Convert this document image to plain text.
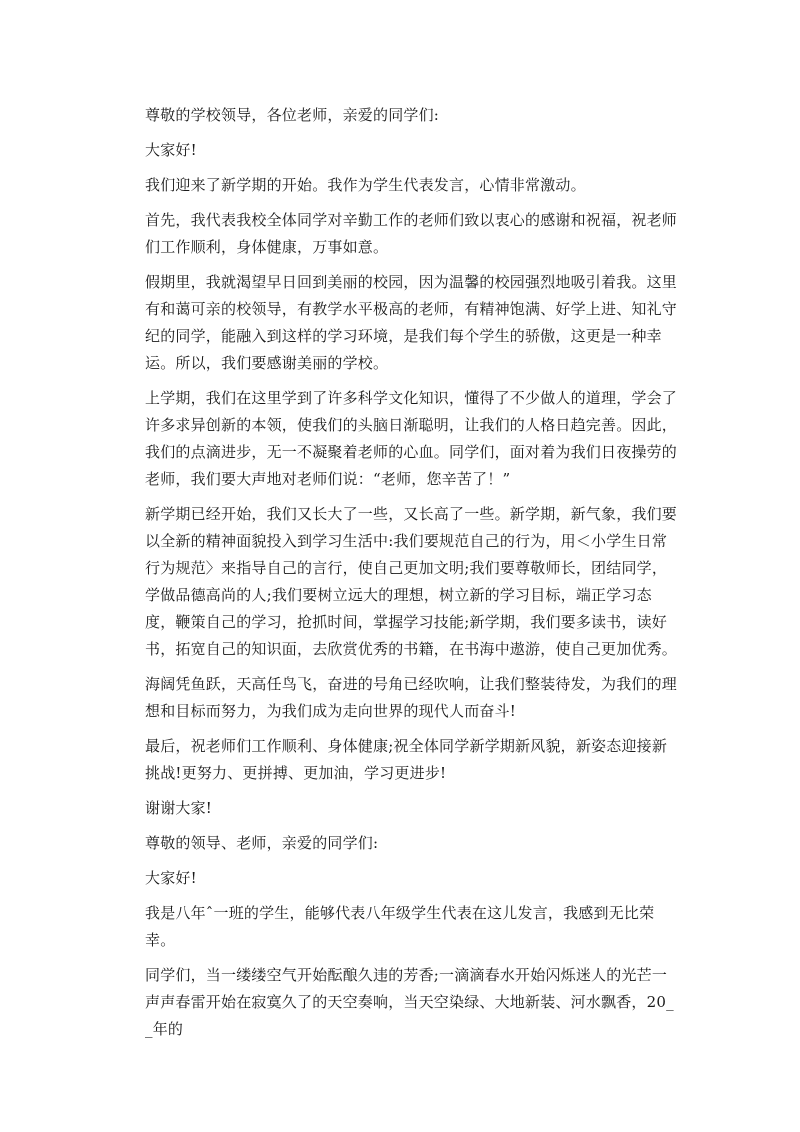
尊敬的学校领导，各位老师，亲爱的同学们:

大家好!

我们迎来了新学期的开始。我作为学生代表发言，心情非常激动。

首先，我代表我校全体同学对辛勤工作的老师们致以衷心的感谢和祝福，祝老师们工作顺利，身体健康，万事如意。

假期里，我就渴望早日回到美丽的校园，因为温馨的校园强烈地吸引着我。这里有和蔼可亲的校领导，有教学水平极高的老师，有精神饱满、好学上进、知礼守纪的同学，能融入到这样的学习环境，是我们每个学生的骄傲，这更是一种幸运。所以，我们要感谢美丽的学校。

上学期，我们在这里学到了许多科学文化知识，懂得了不少做人的道理，学会了许多求异创新的本领，使我们的头脑日渐聪明，让我们的人格日趋完善。因此，我们的点滴进步，无一不凝聚着老师的心血。同学们，面对着为我们日夜操劳的老师，我们要大声地对老师们说：“老师，您辛苦了！”

新学期已经开始，我们又长大了一些，又长高了一些。新学期，新气象，我们要以全新的精神面貌投入到学习生活中:我们要规范自己的行为，用＜小学生日常行为规范〉来指导自己的言行，使自己更加文明;我们要尊敬师长，团结同学，学做品德高尚的人;我们要树立远大的理想，树立新的学习目标，端正学习态度，鞭策自己的学习，抢抓时间，掌握学习技能;新学期，我们要多读书，读好书，拓宽自己的知识面，去欣赏优秀的书籍，在书海中遨游，使自己更加优秀。

海阔凭鱼跃，天高任鸟飞，奋进的号角已经吹响，让我们整装待发，为我们的理想和目标而努力，为我们成为走向世界的现代人而奋斗!

最后，祝老师们工作顺利、身体健康;祝全体同学新学期新风貌，新姿态迎接新挑战!更努力、更拼搏、更加油，学习更进步!

谢谢大家!

尊敬的领导、老师，亲爱的同学们:

大家好!

我是八年ˆ一班的学生，能够代表八年级学生代表在这儿发言，我感到无比荣幸。

同学们，当一缕缕空气开始酝酿久违的芳香;一滴滴春水开始闪烁迷人的光芒一声声春雷开始在寂寞久了的天空奏响，当天空染绿、大地新装、河水飘香，20__年的
